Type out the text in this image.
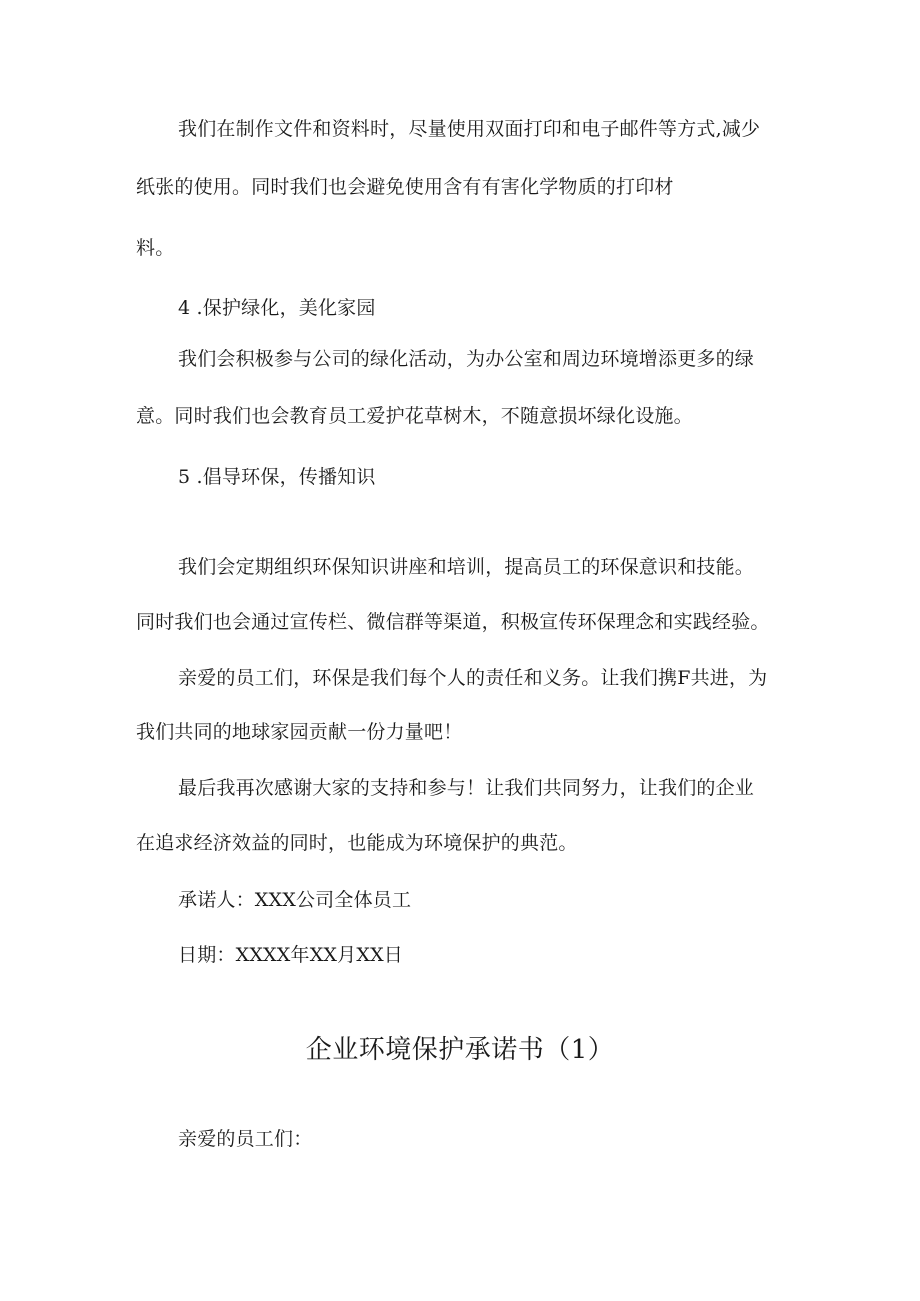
我们在制作文件和资料时，尽量使用双面打印和电子邮件等方式,减少
纸张的使用。同时我们也会避免使用含有有害化学物质的打印材
料。
4 .保护绿化，美化家园
我们会积极参与公司的绿化活动，为办公室和周边环境增添更多的绿
意。同时我们也会教育员工爱护花草树木，不随意损坏绿化设施。
5 .倡导环保，传播知识
我们会定期组织环保知识讲座和培训，提高员工的环保意识和技能。
同时我们也会通过宣传栏、微信群等渠道，积极宣传环保理念和实践经验。
亲爱的员工们，环保是我们每个人的责任和义务。让我们携F共进，为
我们共同的地球家园贡献一份力量吧！
最后我再次感谢大家的支持和参与！让我们共同努力，让我们的企业
在追求经济效益的同时，也能成为环境保护的典范。
承诺人：XXX公司全体员工
日期：XXXX年XX月XX日
企业环境保护承诺书（1）
亲爱的员工们：
